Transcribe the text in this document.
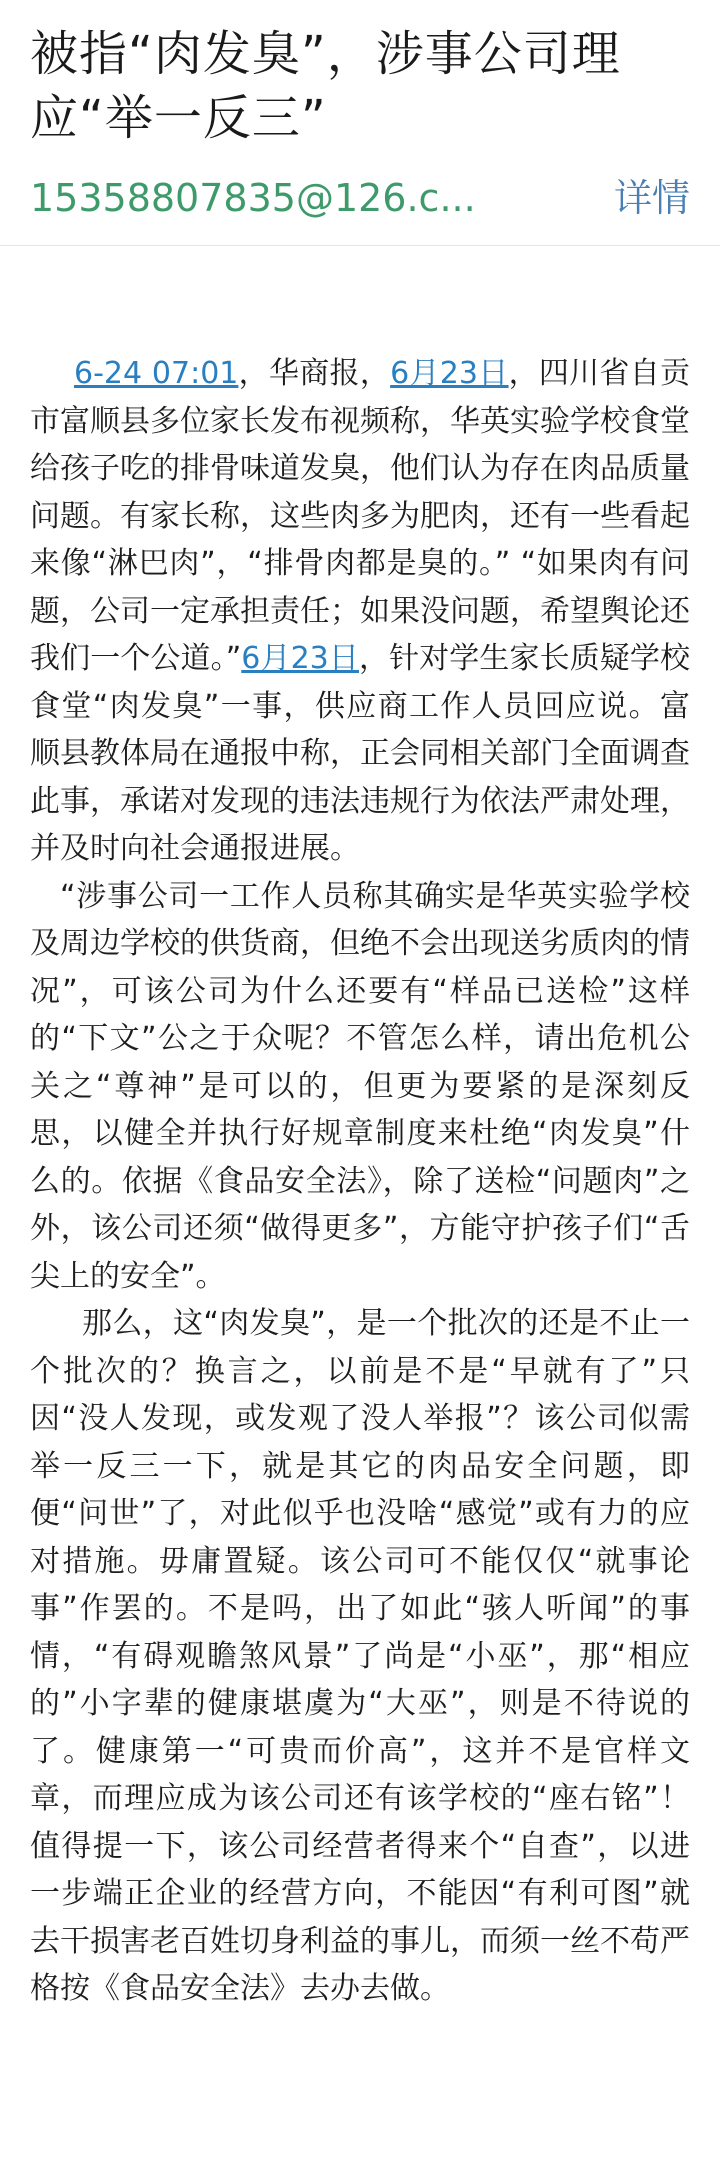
被指“肉发臭”，涉事公司理应“举一反三”
15358807835@126.c...	详情

6-24 07:01，华商报，6月23日，四川省自贡市富顺县多位家长发布视频称，华英实验学校食堂给孩子吃的排骨味道发臭，他们认为存在肉品质量问题。有家长称，这些肉多为肥肉，还有一些看起来像“淋巴肉”，“排骨肉都是臭的。” “如果肉有问题，公司一定承担责任；如果没问题，希望舆论还我们一个公道。”6月23日，针对学生家长质疑学校食堂“肉发臭”一事，供应商工作人员回应说。富顺县教体局在通报中称，正会同相关部门全面调查此事，承诺对发现的违法违规行为依法严肃处理，并及时向社会通报进展。

“涉事公司一工作人员称其确实是华英实验学校及周边学校的供货商，但绝不会出现送劣质肉的情况”，可该公司为什么还要有“样品已送检”这样的“下文”公之于众呢？不管怎么样，请出危机公关之“尊神”是可以的，但更为要紧的是深刻反思，以健全并执行好规章制度来杜绝“肉发臭”什么的。依据《食品安全法》，除了送检“问题肉”之外，该公司还须“做得更多”，方能守护孩子们“舌尖上的安全”。

那么，这“肉发臭”，是一个批次的还是不止一个批次的？换言之，以前是不是“早就有了”只因“没人发现，或发观了没人举报”？该公司似需举一反三一下，就是其它的肉品安全问题，即便“问世”了，对此似乎也没啥“感觉”或有力的应对措施。毋庸置疑。该公司可不能仅仅“就事论事”作罢的。不是吗，出了如此“骇人听闻”的事情，“有碍观瞻煞风景”了尚是“小巫”，那“相应的”小字辈的健康堪虞为“大巫”，则是不待说的了。健康第一“可贵而价高”，这并不是官样文章，而理应成为该公司还有该学校的“座右铭”！值得提一下，该公司经营者得来个“自查”，以进一步端正企业的经营方向，不能因“有利可图”就去干损害老百姓切身利益的事儿，而须一丝不苟严格按《食品安全法》去办去做。
